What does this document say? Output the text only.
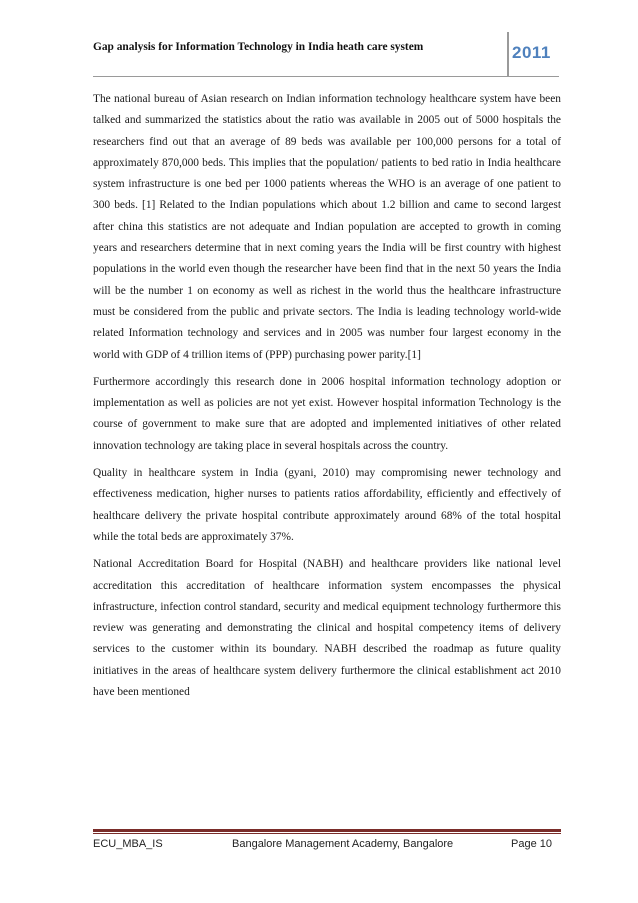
Gap analysis for Information Technology in India heath care system	2011

The national bureau of Asian research on Indian information technology healthcare system have been talked and summarized the statistics about the ratio was available in 2005 out of 5000 hospitals the researchers find out that an average of 89 beds was available per 100,000 persons for a total of approximately 870,000 beds. This implies that the population/ patients to bed ratio in India healthcare system infrastructure is one bed per 1000 patients whereas the WHO is an average of one patient to 300 beds. [1] Related to the Indian populations which about 1.2 billion and came to second largest after china this statistics are not adequate and Indian population are accepted to growth in coming years and researchers determine that in next coming years the India will be first country with highest populations in the world even though the researcher have been find that in the next 50 years the India will be the number 1 on economy as well as richest in the world thus the healthcare infrastructure must be considered from the public and private sectors. The India is leading technology world-wide related Information technology and services and in 2005 was number four largest economy in the world with GDP of 4 trillion items of (PPP) purchasing power parity.[1]

Furthermore accordingly this research done in 2006 hospital information technology adoption or implementation as well as policies are not yet exist. However hospital information Technology is the course of government to make sure that are adopted and implemented initiatives of other related innovation technology are taking place in several hospitals across the country.

Quality in healthcare system in India (gyani, 2010) may compromising newer technology and effectiveness medication, higher nurses to patients ratios affordability, efficiently and effectively of healthcare delivery the private hospital contribute approximately around 68% of the total hospital while the total beds are approximately 37%.

National Accreditation Board for Hospital (NABH) and healthcare providers like national level accreditation this accreditation of healthcare information system encompasses the physical infrastructure, infection control standard, security and medical equipment technology furthermore this review was generating and demonstrating the clinical and hospital competency items of delivery services to the customer within its boundary. NABH described the roadmap as future quality initiatives in the areas of healthcare system delivery furthermore the clinical establishment act 2010 have been mentioned

ECU_MBA_IS	Bangalore Management Academy, Bangalore	Page 10
